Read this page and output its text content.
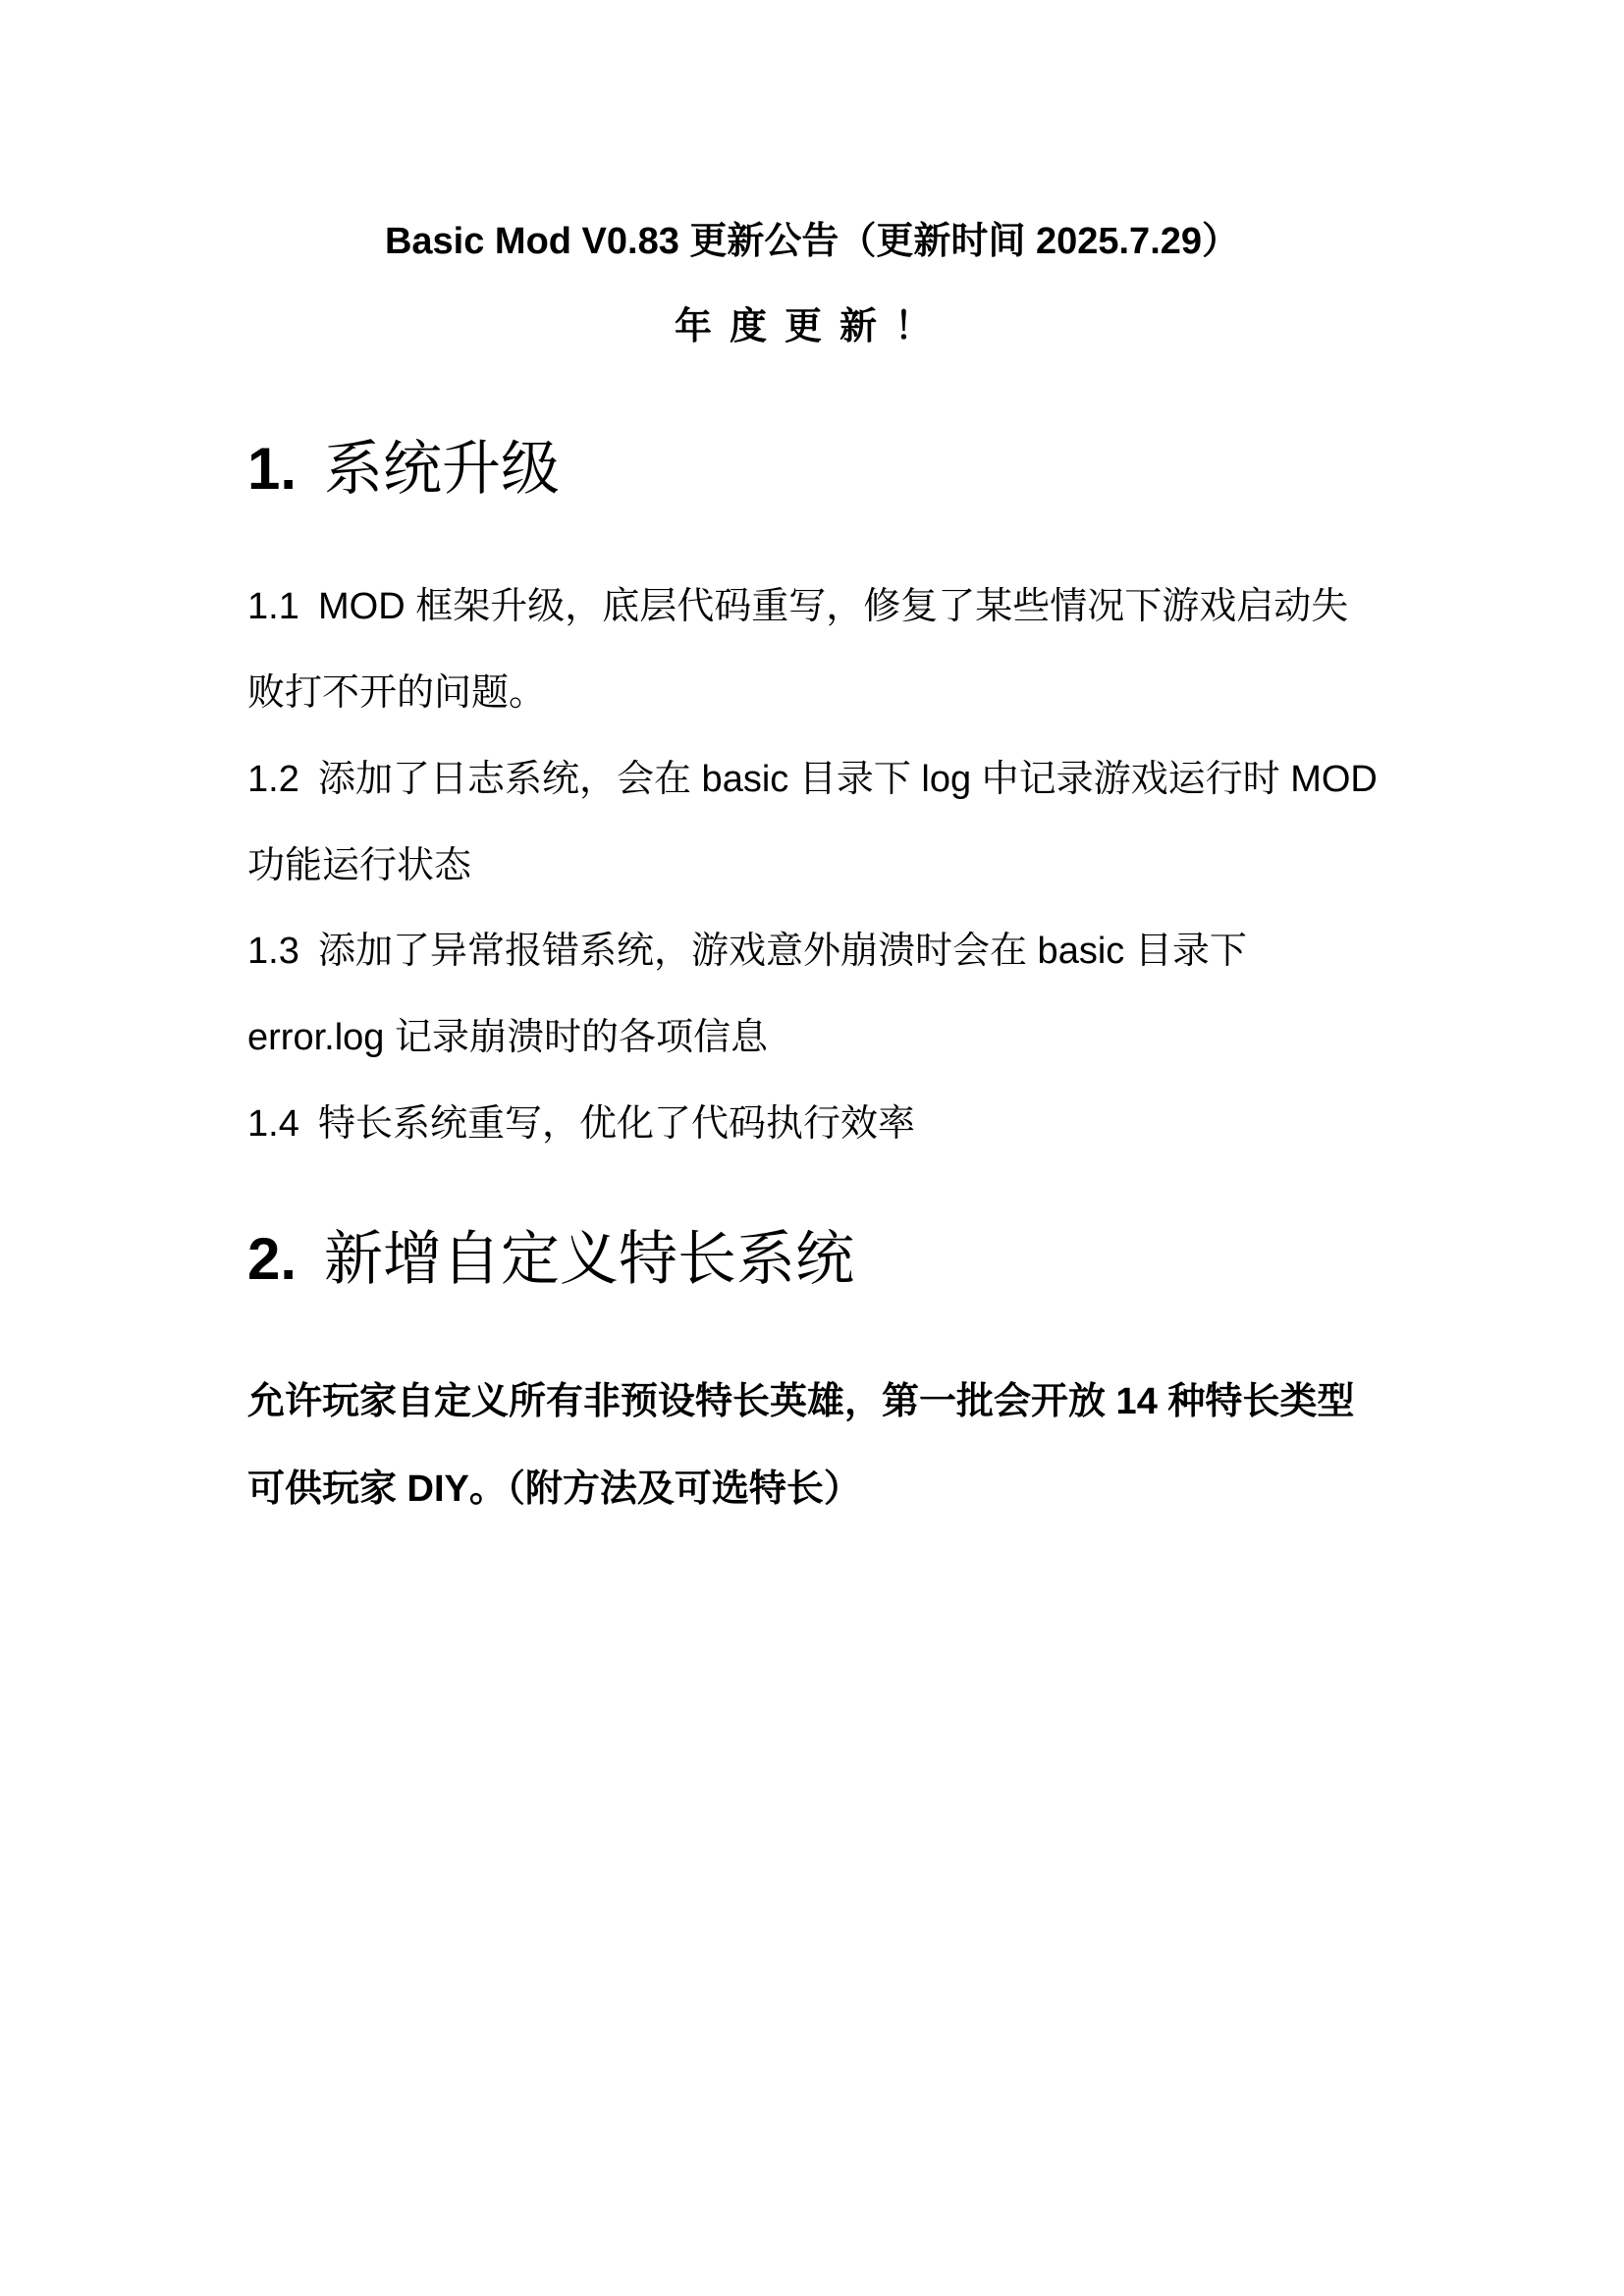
Basic Mod V0.83 更新公告（更新时间 2025.7.29）
年度更新！
1. 系统升级
1.1 MOD 框架升级，底层代码重写，修复了某些情况下游戏启动失
败打不开的问题。
1.2 添加了日志系统，会在 basic 目录下 log 中记录游戏运行时 MOD
功能运行状态
1.3 添加了异常报错系统，游戏意外崩溃时会在 basic 目录下
error.log 记录崩溃时的各项信息
1.4 特长系统重写，优化了代码执行效率
2. 新增自定义特长系统
允许玩家自定义所有非预设特长英雄，第一批会开放 14 种特长类型
可供玩家 DIY。（附方法及可选特长）
